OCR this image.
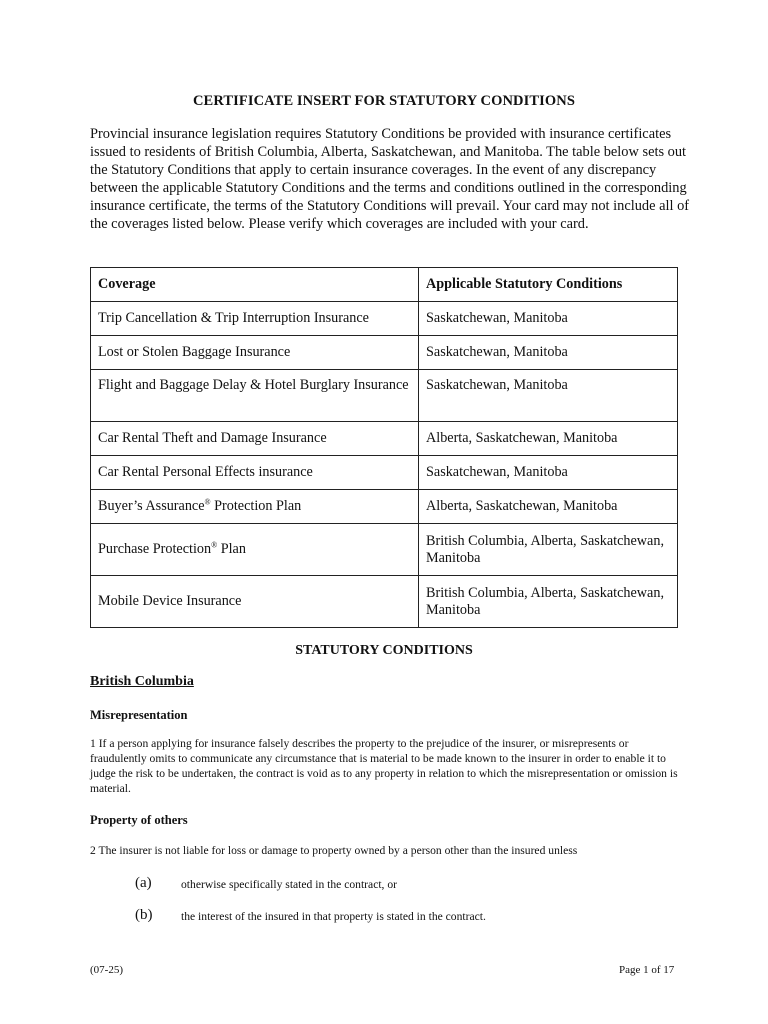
CERTIFICATE INSERT FOR STATUTORY CONDITIONS

Provincial insurance legislation requires Statutory Conditions be provided with insurance certificates issued to residents of British Columbia, Alberta, Saskatchewan, and Manitoba. The table below sets out the Statutory Conditions that apply to certain insurance coverages. In the event of any discrepancy between the applicable Statutory Conditions and the terms and conditions outlined in the corresponding insurance certificate, the terms of the Statutory Conditions will prevail. Your card may not include all of the coverages listed below. Please verify which coverages are included with your card.

Coverage	Applicable Statutory Conditions
Trip Cancellation & Trip Interruption Insurance	Saskatchewan, Manitoba
Lost or Stolen Baggage Insurance	Saskatchewan, Manitoba
Flight and Baggage Delay & Hotel Burglary Insurance	Saskatchewan, Manitoba
Car Rental Theft and Damage Insurance	Alberta, Saskatchewan, Manitoba
Car Rental Personal Effects insurance	Saskatchewan, Manitoba
Buyer’s Assurance® Protection Plan	Alberta, Saskatchewan, Manitoba
Purchase Protection® Plan	British Columbia, Alberta, Saskatchewan, Manitoba
Mobile Device Insurance	British Columbia, Alberta, Saskatchewan, Manitoba
STATUTORY CONDITIONS
British Columbia
Misrepresentation

1 If a person applying for insurance falsely describes the property to the prejudice of the insurer, or misrepresents or fraudulently omits to communicate any circumstance that is material to be made known to the insurer in order to enable it to judge the risk to be undertaken, the contract is void as to any property in relation to which the misrepresentation or omission is material.

Property of others

2 The insurer is not liable for loss or damage to property owned by a person other than the insured unless

(a)	otherwise specifically stated in the contract, or
(b) the interest of the insured in that property is stated in the contract.
(07-25)	Page 1 of 17
